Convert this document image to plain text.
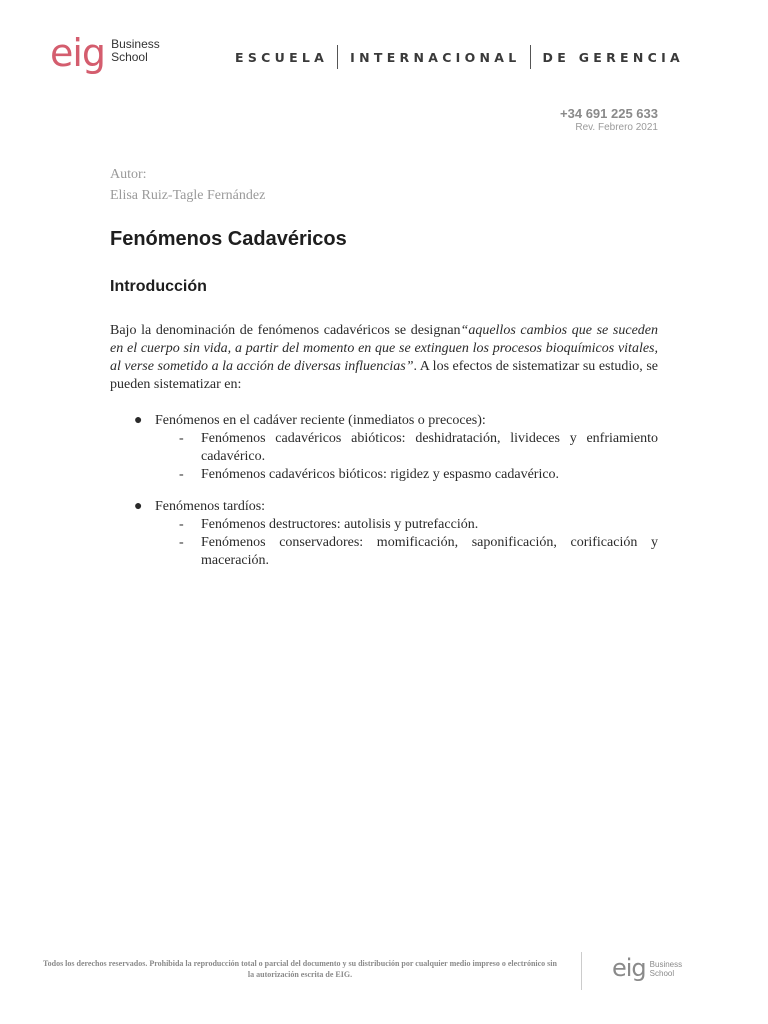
eig Business
School	ESCUELA INTERNACIONAL DE GERENCIA
+34 691 225 633
Rev. Febrero 2021
Autor:
Elisa Ruiz-Tagle Fernández
Fenómenos Cadavéricos
Introducción
Bajo la denominación de fenómenos cadavéricos se designan“aquellos cambios que se suceden en el cuerpo sin vida, a partir del momento en que se extinguen los procesos bioquímicos vitales, al verse sometido a la acción de diversas influencias”. A los efectos de sistematizar su estudio, se pueden sistematizar en:
● Fenómenos en el cadáver reciente (inmediatos o precoces):
- Fenómenos cadavéricos abióticos: deshidratación, livideces y enfriamiento cadavérico.
- Fenómenos cadavéricos bióticos: rigidez y espasmo cadavérico.
● Fenómenos tardíos:
- Fenómenos destructores: autolisis y putrefacción.
- Fenómenos conservadores: momificación, saponificación, corificación y maceración.
Todos los derechos reservados. Prohibida la reproducción total o parcial del documento y su distribución por cualquier medio impreso o electrónico sin la autorización escrita de EIG.	eig Business
School
